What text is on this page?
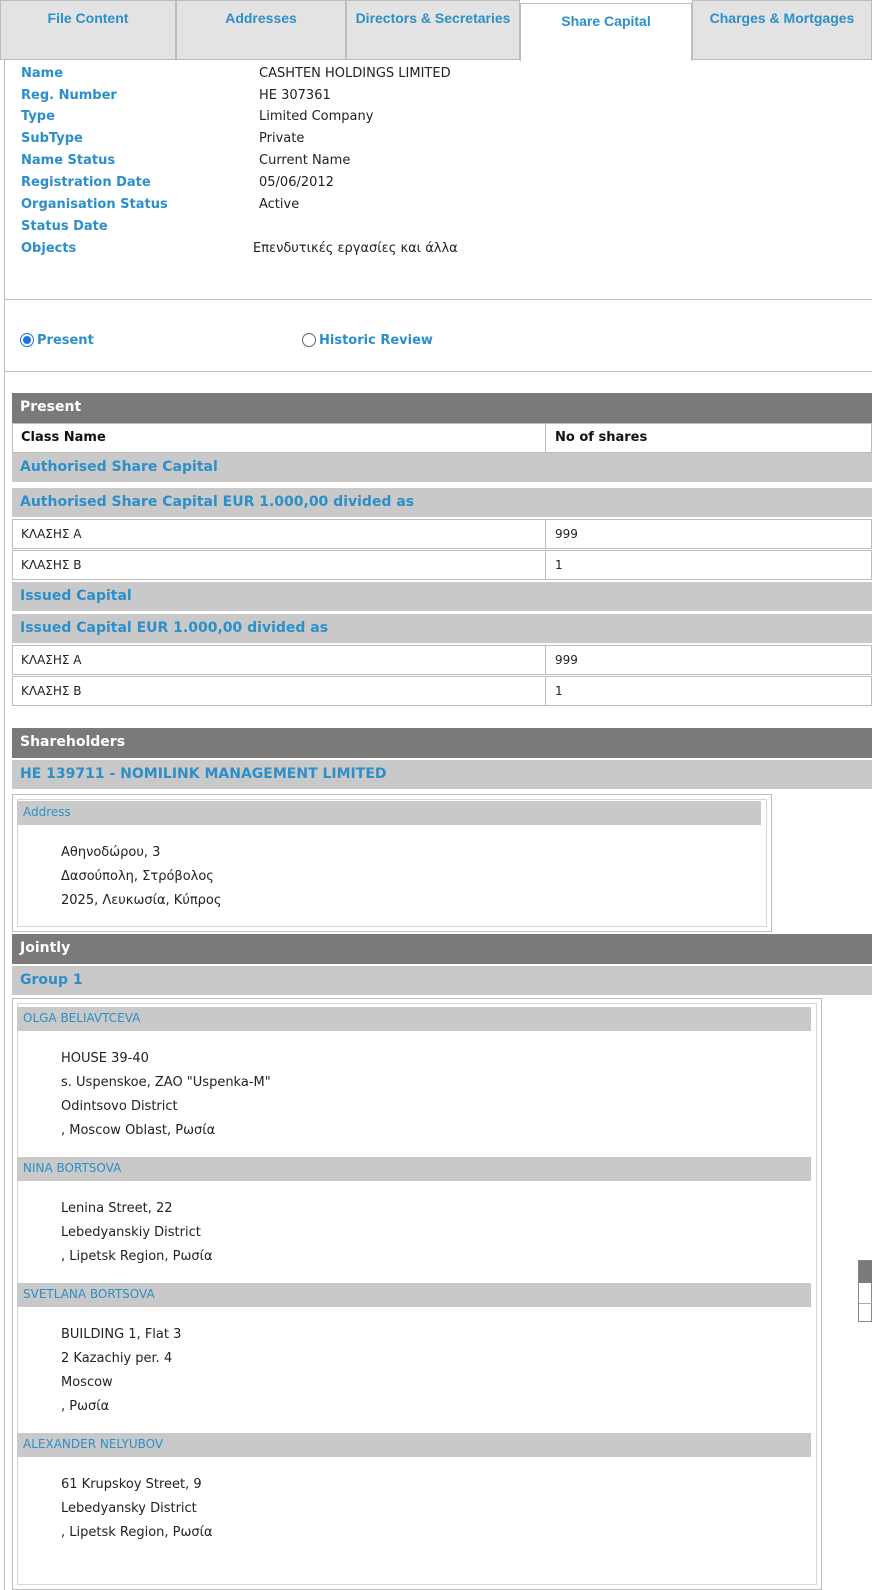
File Content	Addresses	Directors & Secretaries	Share Capital	Charges & Mortgages
Name	CASHTEN HOLDINGS LIMITED
Reg. Number	HE 307361
Type	Limited Company
SubType	Private
Name Status	Current Name
Registration Date	05/06/2012
Organisation Status	Active
Status Date
Objects	Επενδυτικές εργασίες και άλλα
Present	Historic Review
Present
Class Name	No of shares
Authorised Share Capital
Authorised Share Capital EUR 1.000,00 divided as
ΚΛΑΣΗΣ Α	999
ΚΛΑΣΗΣ Β	1
Issued Capital
Issued Capital EUR 1.000,00 divided as
ΚΛΑΣΗΣ Α	999
ΚΛΑΣΗΣ Β	1
Shareholders
HE 139711 - NOMILINK MANAGEMENT LIMITED
Address
Αθηνοδώρου, 3
Δασούπολη, Στρόβολος
2025, Λευκωσία, Κύπρος
Jointly
Group 1
OLGA BELIAVTCEVA
HOUSE 39-40
s. Uspenskoe, ZAO "Uspenka-M"
Odintsovo District
, Moscow Oblast, Ρωσία
NINA BORTSOVA
Lenina Street, 22
Lebedyanskiy District
, Lipetsk Region, Ρωσία
SVETLANA BORTSOVA
BUILDING 1, Flat 3
2 Kazachiy per. 4
Moscow
, Ρωσία
ALEXANDER NELYUBOV
61 Krupskoy Street, 9
Lebedyansky District
, Lipetsk Region, Ρωσία
